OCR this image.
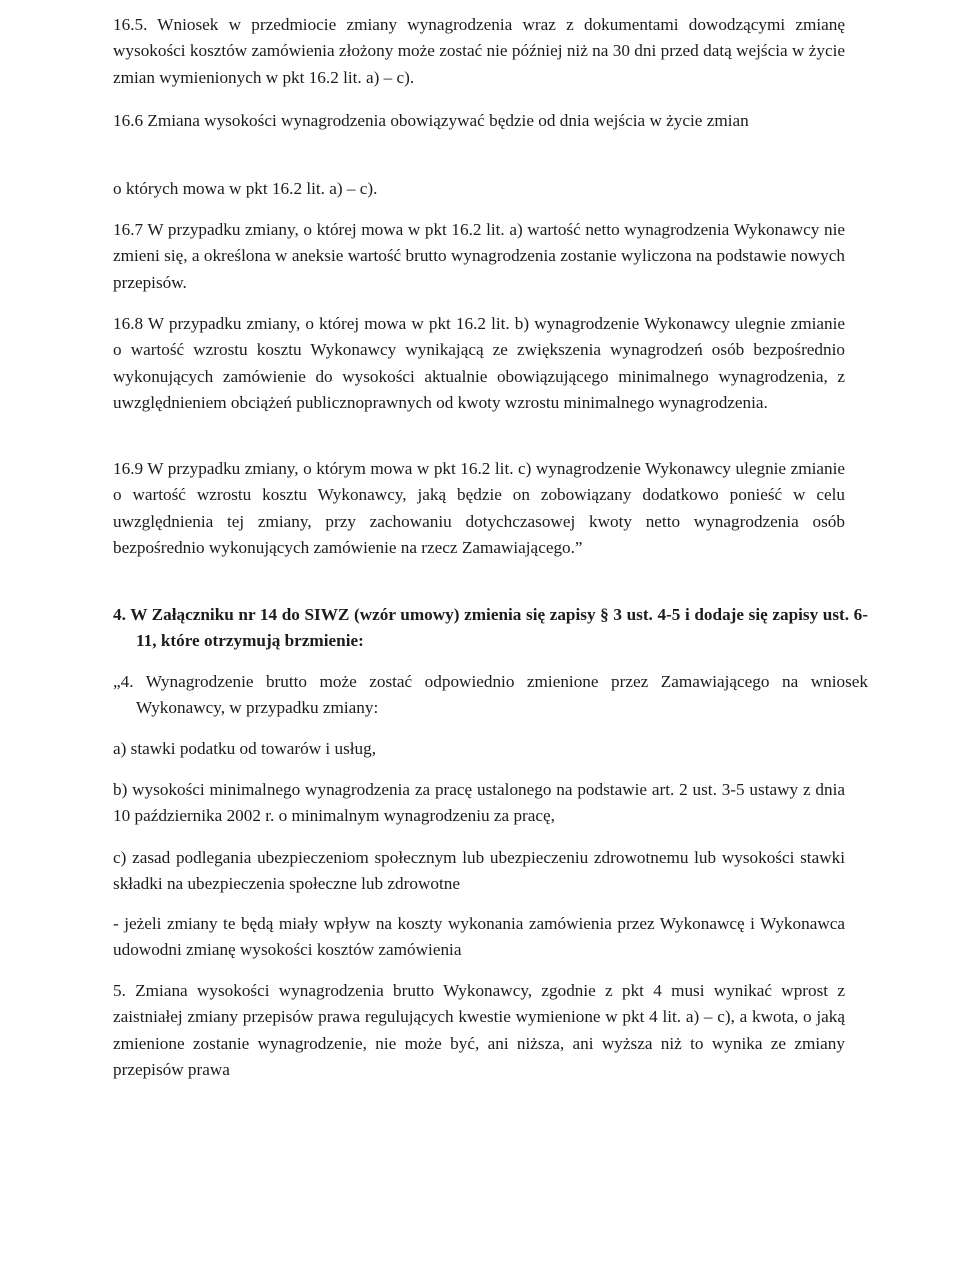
16.5. Wniosek w przedmiocie zmiany wynagrodzenia wraz z dokumentami dowodzącymi zmianę wysokości kosztów zamówienia złożony może zostać nie później niż na 30 dni przed datą wejścia w życie zmian wymienionych w pkt 16.2 lit. a) – c).

16.6 Zmiana wysokości wynagrodzenia obowiązywać będzie od dnia wejścia w życie zmian

o których mowa w pkt 16.2 lit. a) – c).

16.7 W przypadku zmiany, o której mowa w pkt 16.2 lit. a) wartość netto wynagrodzenia Wykonawcy nie zmieni się, a określona w aneksie wartość brutto wynagrodzenia zostanie wyliczona na podstawie nowych przepisów.

16.8 W przypadku zmiany, o której mowa w pkt 16.2 lit. b) wynagrodzenie Wykonawcy ulegnie zmianie o wartość wzrostu kosztu Wykonawcy wynikającą ze zwiększenia wynagrodzeń osób bezpośrednio wykonujących zamówienie do wysokości aktualnie obowiązującego minimalnego wynagrodzenia, z uwzględnieniem obciążeń publicznoprawnych od kwoty wzrostu minimalnego wynagrodzenia.

16.9 W przypadku zmiany, o którym mowa w pkt 16.2 lit. c) wynagrodzenie Wykonawcy ulegnie zmianie o wartość wzrostu kosztu Wykonawcy, jaką będzie on zobowiązany dodatkowo ponieść w celu uwzględnienia tej zmiany, przy zachowaniu dotychczasowej kwoty netto wynagrodzenia osób bezpośrednio wykonujących zamówienie na rzecz Zamawiającego.”

4. W Załączniku nr 14 do SIWZ (wzór umowy) zmienia się zapisy § 3 ust. 4-5 i dodaje się zapisy ust. 6-11, które otrzymują brzmienie:

„4. Wynagrodzenie brutto może zostać odpowiednio zmienione przez Zamawiającego na wniosek Wykonawcy, w przypadku zmiany:

a) stawki podatku od towarów i usług,

b) wysokości minimalnego wynagrodzenia za pracę ustalonego na podstawie art. 2 ust. 3-5 ustawy z dnia 10 października 2002 r. o minimalnym wynagrodzeniu za pracę,

c) zasad podlegania ubezpieczeniom społecznym lub ubezpieczeniu zdrowotnemu lub wysokości stawki składki na ubezpieczenia społeczne lub zdrowotne

- jeżeli zmiany te będą miały wpływ na koszty wykonania zamówienia przez Wykonawcę i Wykonawca udowodni zmianę wysokości kosztów zamówienia

5. Zmiana wysokości wynagrodzenia brutto Wykonawcy, zgodnie z pkt 4 musi wynikać wprost z zaistniałej zmiany przepisów prawa regulujących kwestie wymienione w pkt 4 lit. a) – c), a kwota, o jaką zmienione zostanie wynagrodzenie, nie może być, ani niższa, ani wyższa niż to wynika ze zmiany przepisów prawa
